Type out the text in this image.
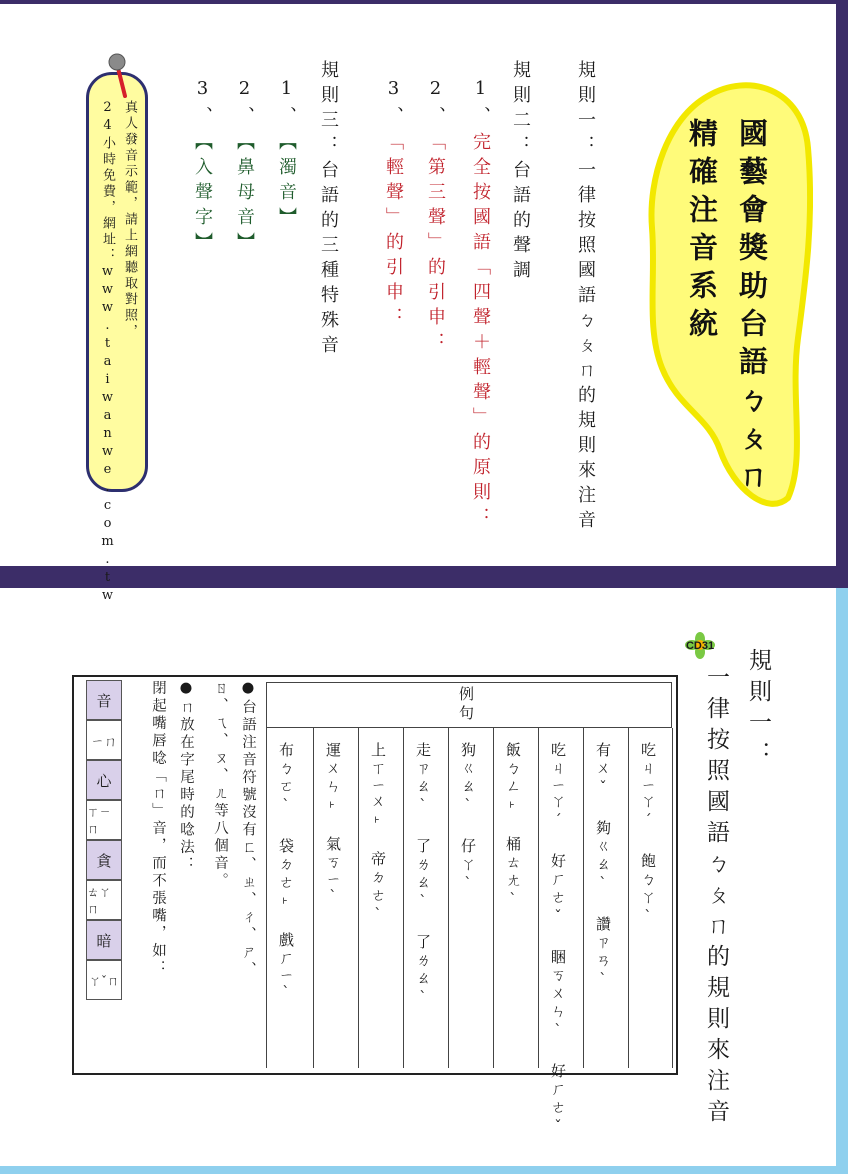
國藝會獎助台語ㄅㄆㄇ
精確注音系統
規則一：一律按照國語ㄅㄆㄇ的規則來注音
規則二：台語的聲調
1、
完全按國語「四聲＋輕聲」的原則：
2、
「第三聲」的引申：
3、
「輕聲」的引申：
規則三：台語的三種特殊音
1、
【濁音】
2、
【鼻母音】
3、
【入聲字】
真人發音示範，請上網聽取對照，
24小時免費，網址：www.taiwanwe.com.tw
CD31
規則一：
一律按照國語ㄅㄆㄇ的規則來注音
例句
吃ㄐㄧㄚˊ 飽ㄅㄚˋ
有ㄨˇ 夠ㄍㄠˋ 讚ㄗㄢˋ
吃ㄐㄧㄚˊ 好ㄏㄜˇ 睏ㄎㄨㄣˋ 好ㄏㄜˇ
飯ㄅㄥ˫ 桶ㄊㄤˋ
狗ㄍㄠˋ 仔ㄚˋ
走ㄗㄠˋ 了ㄌㄠˋ 了ㄌㄠˋ
上ㄒㄧㄨ˫ 帝ㄉㄜˋ
運ㄨㄣ˫ 氣ㄎㄧˋ
布ㄅㄛˋ 袋ㄉㄜ˫ 戲ㄏㄧˋ
●台語注音符號沒有ㄈ、ㄓ、ㄔ、ㄕ、
ㄖ、ㄟ、ㄡ、ㄦ等八個音。
●ㄇ放在字尾時的唸法：
閉起嘴唇唸「ㄇ」音，而不張嘴，如：
音
ㄧㄇ
心
ㄒㄧㄇ
貪
ㄊㄚㄇ
暗
ㄚˇㄇ
